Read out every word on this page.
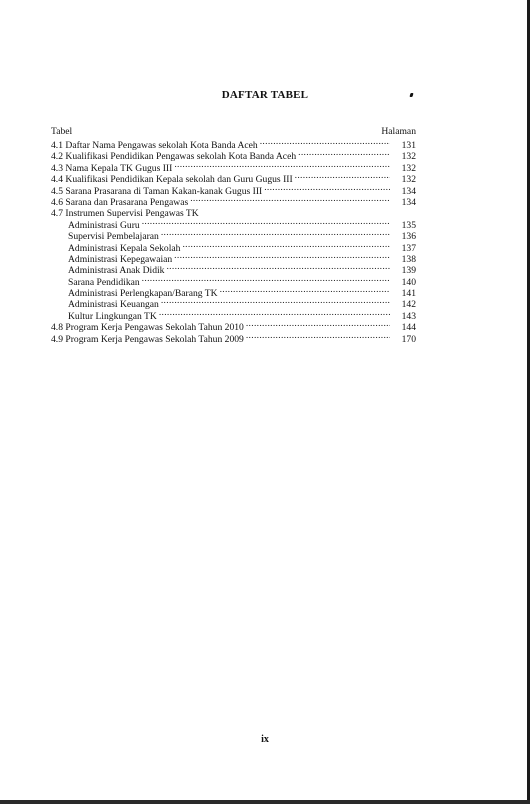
DAFTAR TABEL
Tabel	Halaman
4.1 Daftar Nama Pengawas sekolah Kota Banda Aceh .....	131
4.2 Kualifikasi Pendidikan Pengawas sekolah Kota Banda Aceh .....	132
4.3 Nama Kepala TK Gugus III .....	132
4.4 Kualifikasi Pendidikan Kepala sekolah dan Guru Gugus III .....	132
4.5 Sarana Prasarana di Taman Kakan-kanak Gugus III .....	134
4.6 Sarana dan Prasarana Pengawas .....	134
4.7 Instrumen Supervisi Pengawas TK
Administrasi Guru .....	135
Supervisi Pembelajaran .....	136
Administrasi Kepala Sekolah .....	137
Administrasi Kepegawaian .....	138
Administrasi Anak Didik .....	139
Sarana Pendidikan .....	140
Administrasi Perlengkapan/Barang TK .....	141
Administrasi Keuangan .....	142
Kultur Lingkungan TK .....	143
4.8 Program Kerja Pengawas Sekolah Tahun 2010 .....	144
4.9 Program Kerja Pengawas Sekolah Tahun 2009 .....	170
ix
